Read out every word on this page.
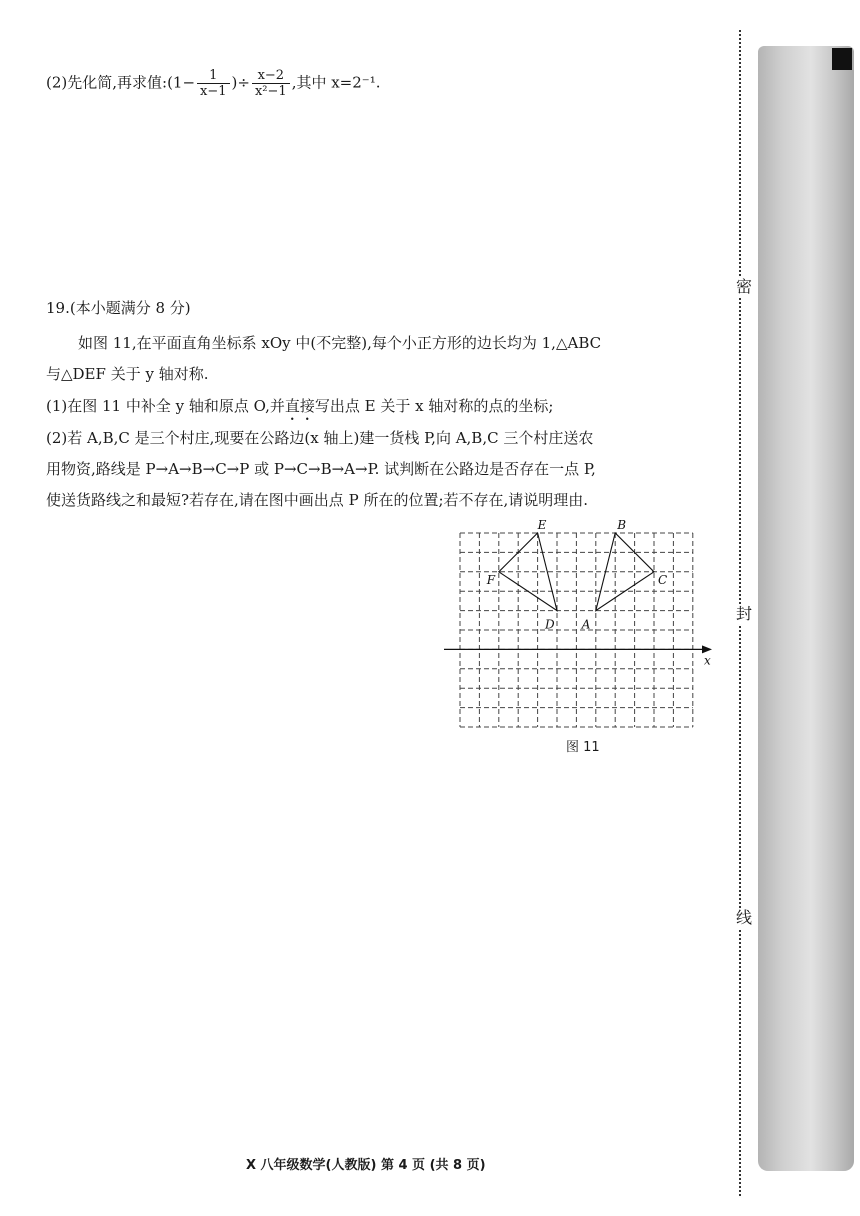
(2)先化简,再求值:(1− $\frac{1}{x-1}$ )÷ $\frac{x-2}{\text{x²−1}}$ ,其中 x=2⁻¹.
19.(本小题满分 8 分)
如图 11,在平面直角坐标系 xOy 中(不完整),每个小正方形的边长均为 1,△ABC
与△DEF 关于 y 轴对称.
(1)在图 11 中补全 y 轴和原点 O,并直接写出点 E 关于 x 轴对称的点的坐标;
(2)若 A,B,C 是三个村庄,现要在公路边(x 轴上)建一货栈 P,向 A,B,C 三个村庄送农
用物资,路线是 P→A→B→C→P 或 P→C→B→A→P. 试判断在公路边是否存在一点 P,
使送货路线之和最短?若存在,请在图中画出点 P 所在的位置;若不存在,请说明理由.
x
E
F
D
B
C
A
图 11
密
封
线
X 八年级数学(人教版) 第 4 页 (共 8 页)
